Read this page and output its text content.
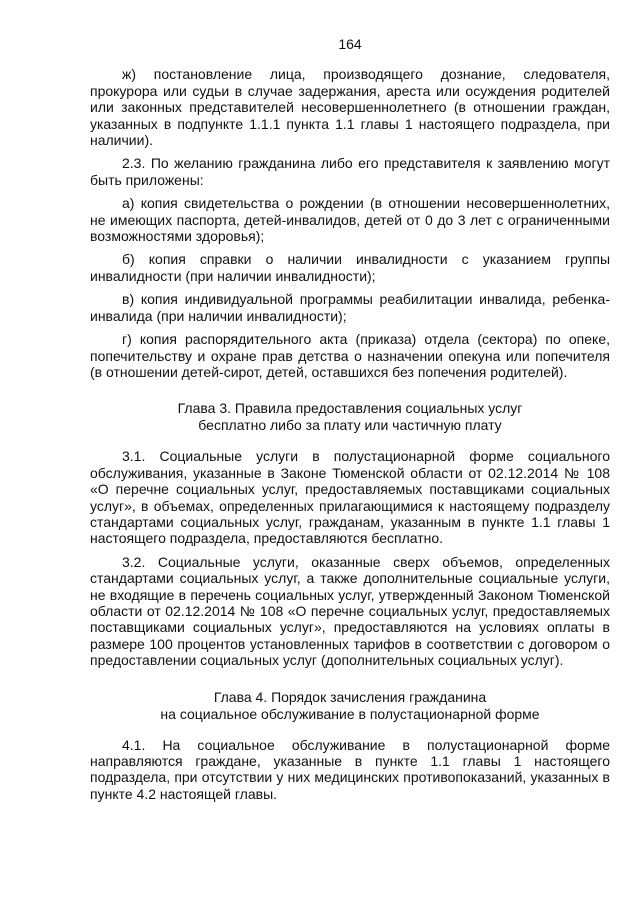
164

ж) постановление лица, производящего дознание, следователя, прокурора или судьи в случае задержания, ареста или осуждения родителей или законных представителей несовершеннолетнего (в отношении граждан, указанных в подпункте 1.1.1 пункта 1.1 главы 1 настоящего подраздела, при наличии).

2.3. По желанию гражданина либо его представителя к заявлению могут быть приложены:

а) копия свидетельства о рождении (в отношении несовершеннолетних, не имеющих паспорта, детей-инвалидов, детей от 0 до 3 лет с ограниченными возможностями здоровья);

б) копия справки о наличии инвалидности с указанием группы инвалидности (при наличии инвалидности);

в) копия индивидуальной программы реабилитации инвалида, ребенка-инвалида (при наличии инвалидности);

г) копия распорядительного акта (приказа) отдела (сектора) по опеке, попечительству и охране прав детства о назначении опекуна или попечителя (в отношении детей-сирот, детей, оставшихся без попечения родителей).

Глава 3. Правила предоставления социальных услуг
бесплатно либо за плату или частичную плату

3.1. Социальные услуги в полустационарной форме социального обслуживания, указанные в Законе Тюменской области от 02.12.2014 № 108 «О перечне социальных услуг, предоставляемых поставщиками социальных услуг», в объемах, определенных прилагающимися к настоящему подразделу стандартами социальных услуг, гражданам, указанным в пункте 1.1 главы 1 настоящего подраздела, предоставляются бесплатно.

3.2. Социальные услуги, оказанные сверх объемов, определенных стандартами социальных услуг, а также дополнительные социальные услуги, не входящие в перечень социальных услуг, утвержденный Законом Тюменской области от 02.12.2014 № 108 «О перечне социальных услуг, предоставляемых поставщиками социальных услуг», предоставляются на условиях оплаты в размере 100 процентов установленных тарифов в соответствии с договором о предоставлении социальных услуг (дополнительных социальных услуг).

Глава 4. Порядок зачисления гражданина
на социальное обслуживание в полустационарной форме

4.1. На социальное обслуживание в полустационарной форме направляются граждане, указанные в пункте 1.1 главы 1 настоящего подраздела, при отсутствии у них медицинских противопоказаний, указанных в пункте 4.2 настоящей главы.
